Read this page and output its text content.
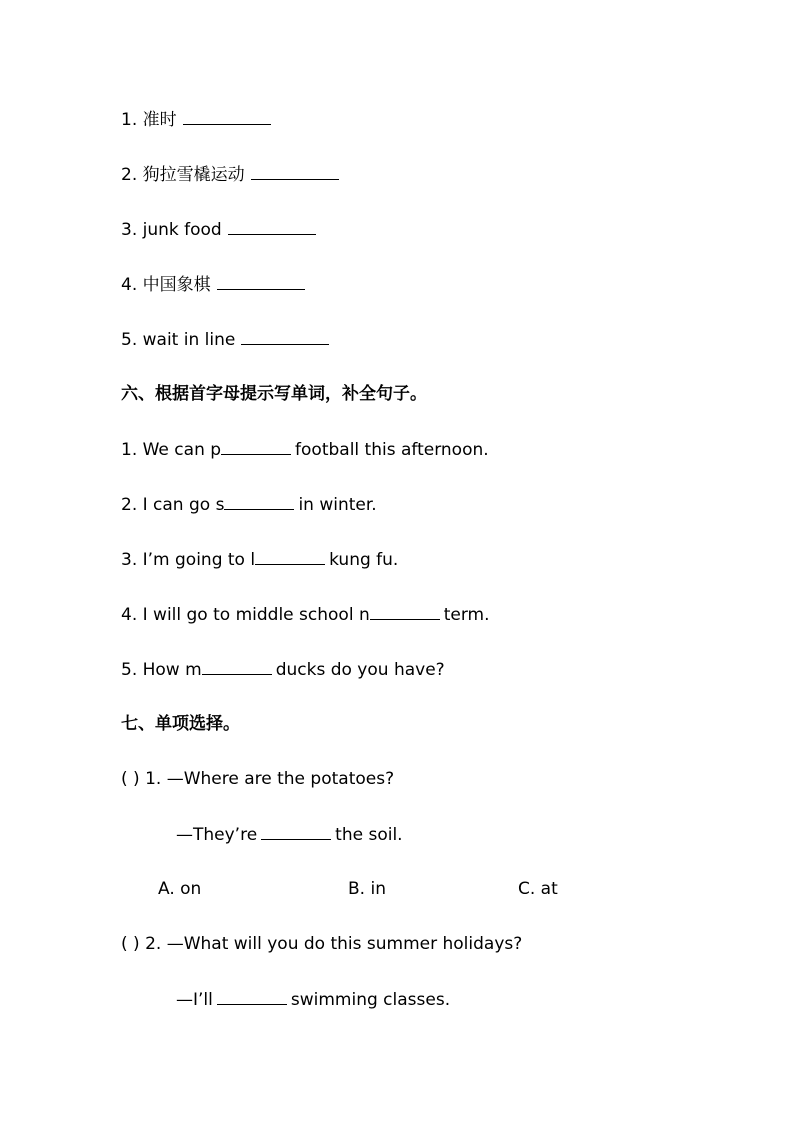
1. 准时
2. 狗拉雪橇运动
3. junk food
4. 中国象棋
5. wait in line
六、根据首字母提示写单词，补全句子。
1. We can p	football this afternoon.
2. I can go s	in winter.
3. I’m going to l	kung fu.
4. I will go to middle school n	term.
5. How m	ducks do you have?
七、单项选择。
( ) 1. —Where are the potatoes?
—They’re	the soil.
A. on	B. in	C. at
( ) 2. —What will you do this summer holidays?
—I’ll	swimming classes.
